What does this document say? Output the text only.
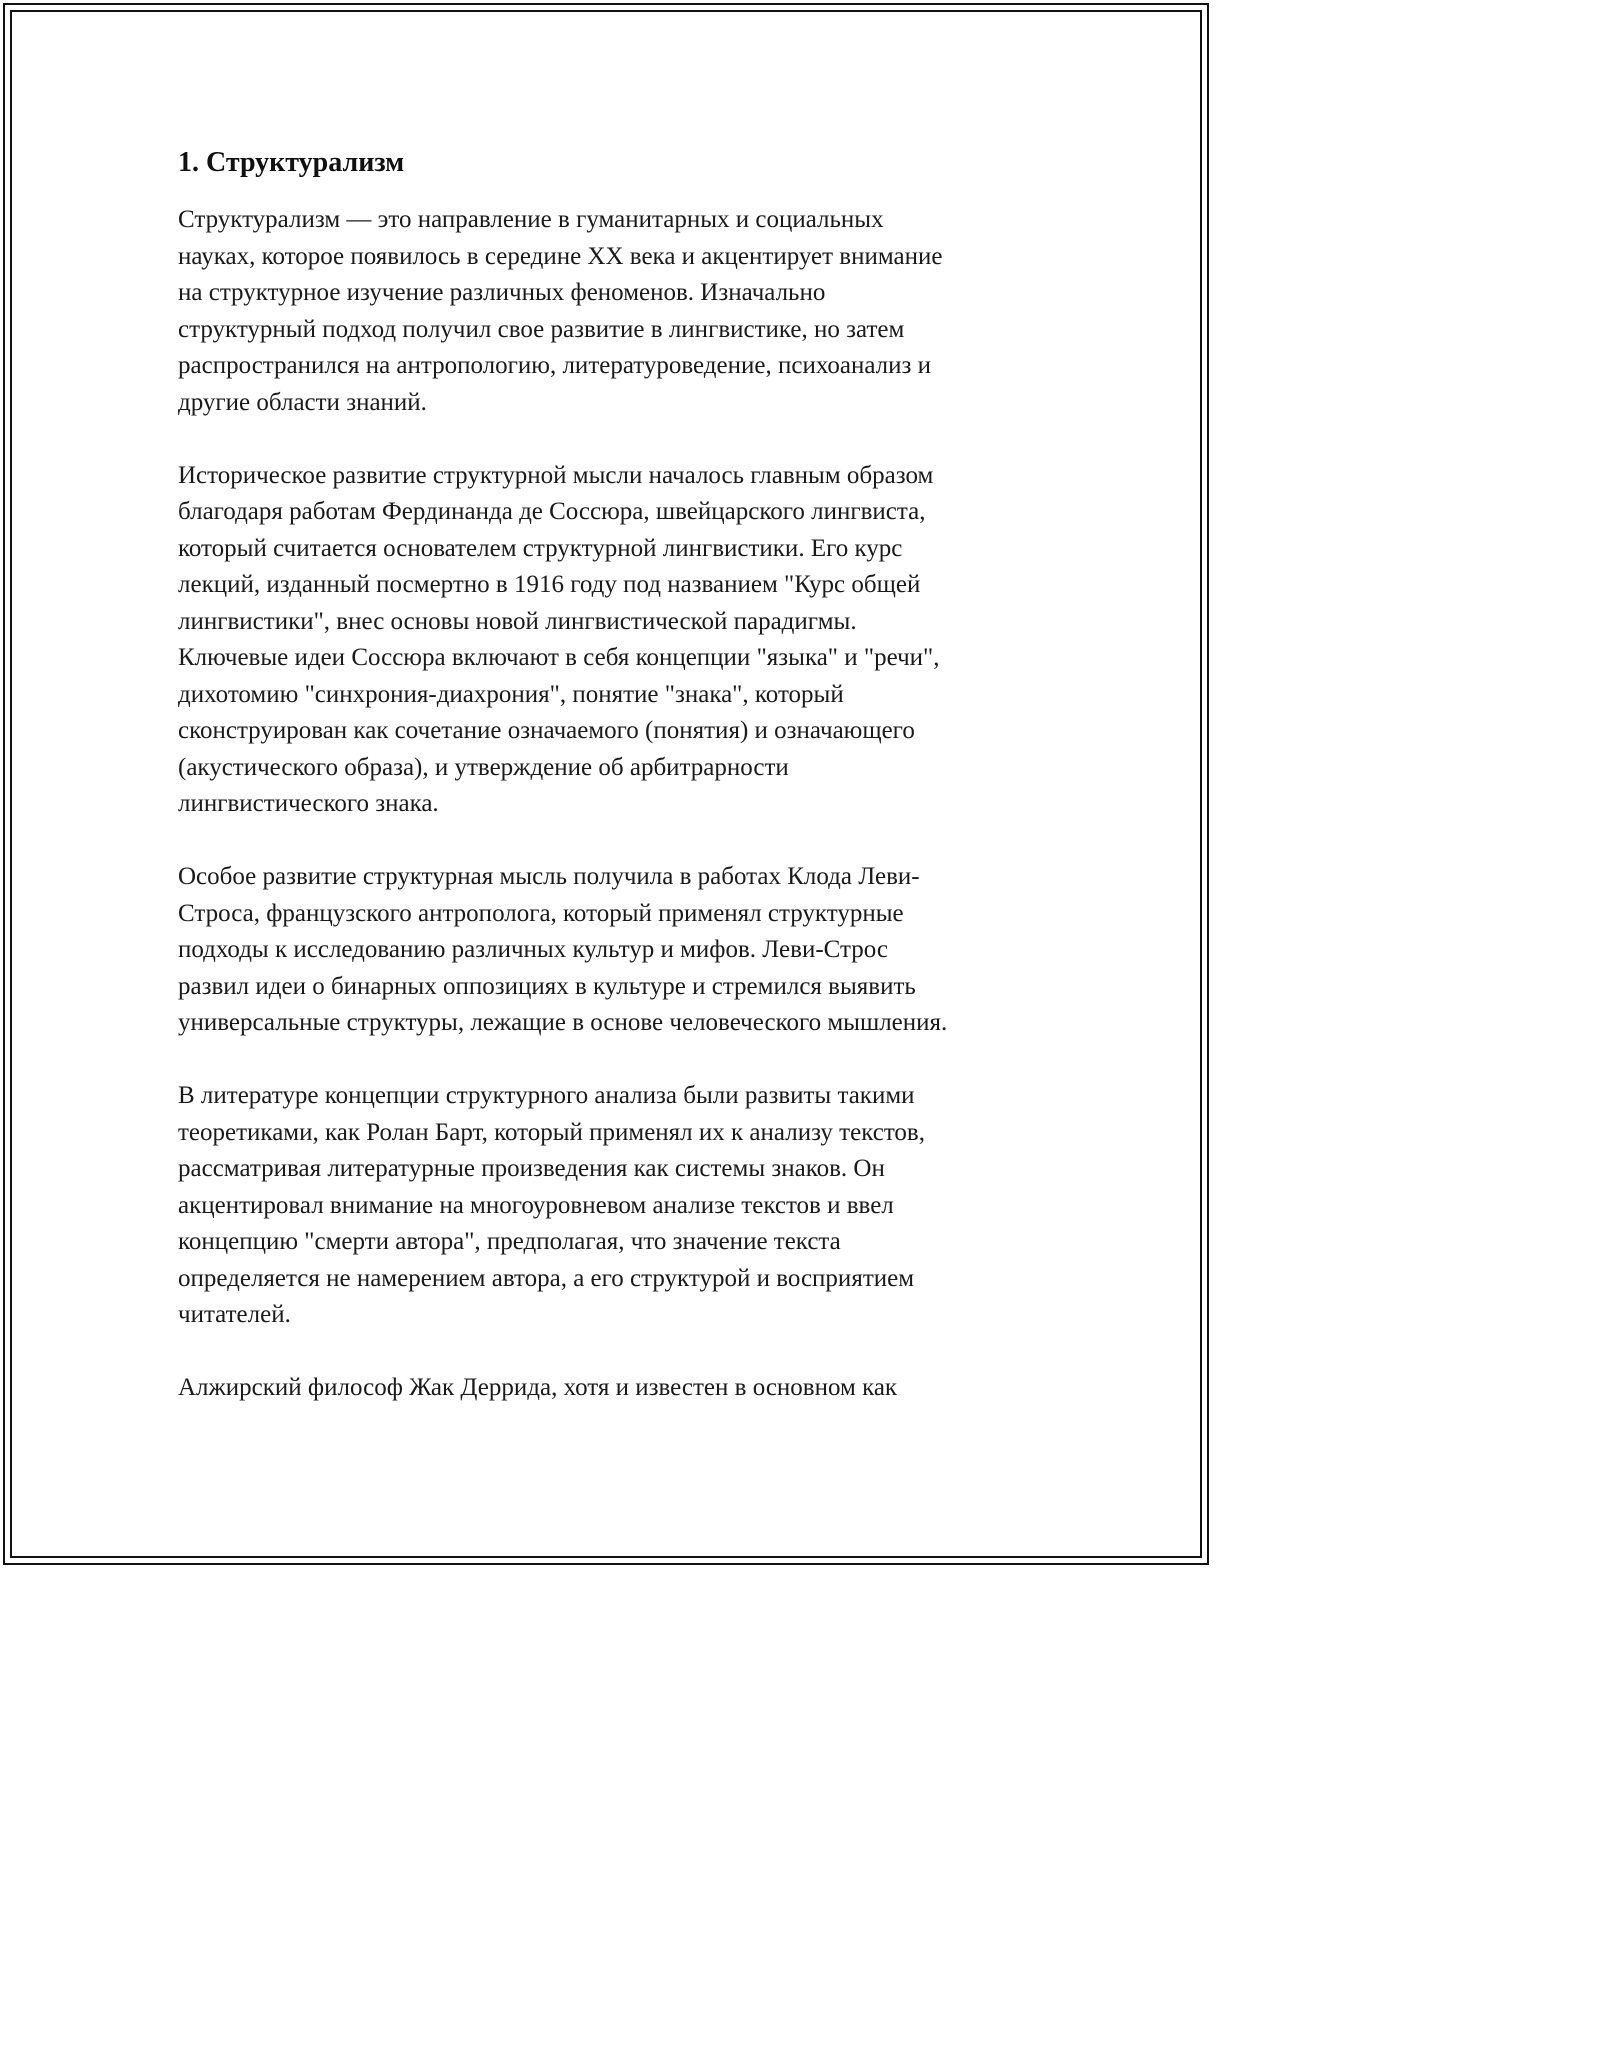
1. Структурализм

Структурализм — это направление в гуманитарных и социальных
науках, которое появилось в середине XX века и акцентирует внимание
на структурное изучение различных феноменов. Изначально
структурный подход получил свое развитие в лингвистике, но затем
распространился на антропологию, литературоведение, психоанализ и
другие области знаний.

Историческое развитие структурной мысли началось главным образом
благодаря работам Фердинанда де Соссюра, швейцарского лингвиста,
который считается основателем структурной лингвистики. Его курс
лекций, изданный посмертно в 1916 году под названием "Курс общей
лингвистики", внес основы новой лингвистической парадигмы.
Ключевые идеи Соссюра включают в себя концепции "языка" и "речи",
дихотомию "синхрония-диахрония", понятие "знака", который
сконструирован как сочетание означаемого (понятия) и означающего
(акустического образа), и утверждение об арбитрарности
лингвистического знака.

Особое развитие структурная мысль получила в работах Клода Леви-
Строса, французского антрополога, который применял структурные
подходы к исследованию различных культур и мифов. Леви-Строс
развил идеи о бинарных оппозициях в культуре и стремился выявить
универсальные структуры, лежащие в основе человеческого мышления.

В литературе концепции структурного анализа были развиты такими
теоретиками, как Ролан Барт, который применял их к анализу текстов,
рассматривая литературные произведения как системы знаков. Он
акцентировал внимание на многоуровневом анализе текстов и ввел
концепцию "смерти автора", предполагая, что значение текста
определяется не намерением автора, а его структурой и восприятием
читателей.

Алжирский философ Жак Деррида, хотя и известен в основном как
